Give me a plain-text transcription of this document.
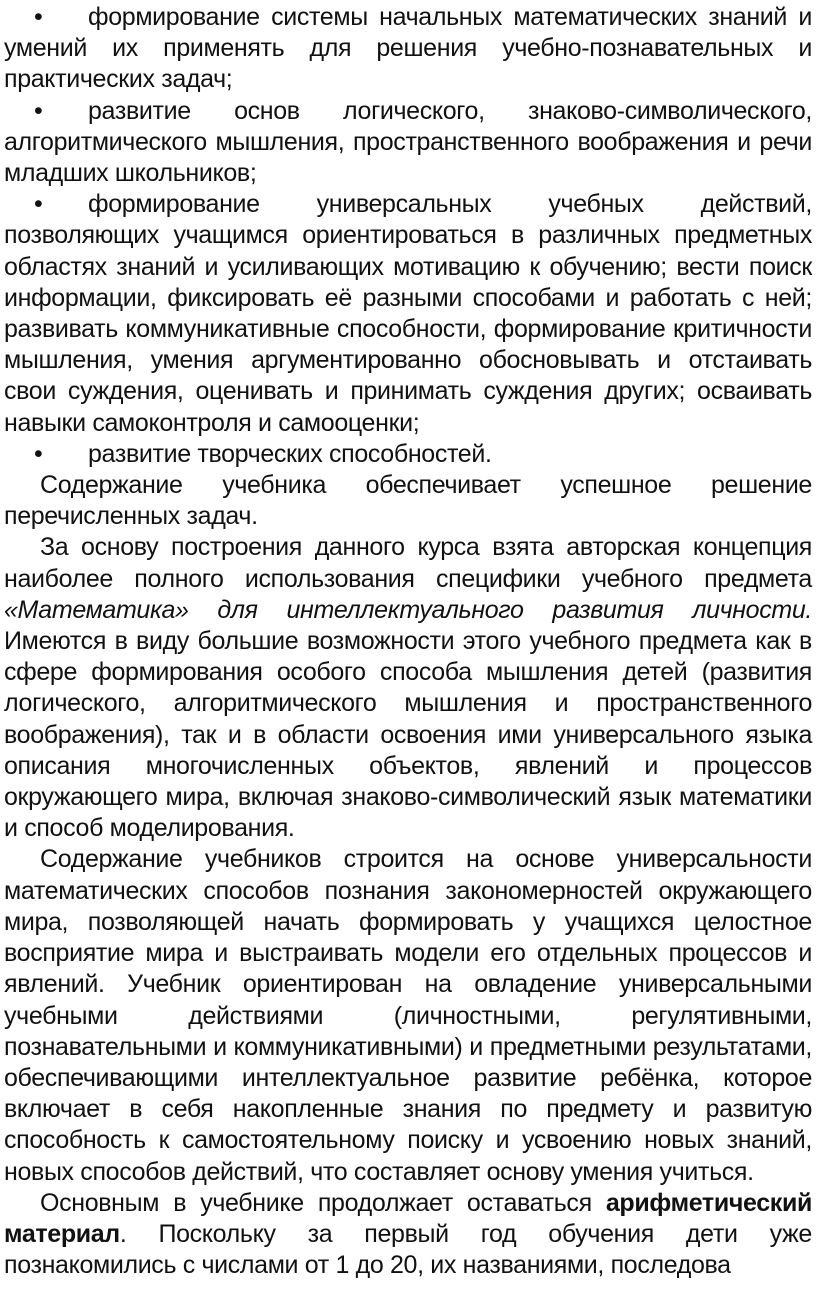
• формирование системы начальных математических знаний и умений их применять для решения учебно-познавательных и практических задач;
• развитие основ логического, знаково-символического, алгоритмического мышления, пространственного воображения и речи младших школьников;
• формирование универсальных учебных действий, позволяющих учащимся ориентироваться в различных предметных областях знаний и усиливающих мотивацию к обучению; вести поиск информации, фиксировать её разными способами и работать с ней; развивать коммуникативные способности, формирование критичности мышления, умения аргументированно обосновывать и отстаивать свои суждения, оценивать и принимать суждения других; осваивать навыки самоконтроля и самооценки;
• развитие творческих способностей.

Содержание учебника обеспечивает успешное решение перечисленных задач.

За основу построения данного курса взята авторская концепция наиболее полного использования специфики учебного предмета «Математика» для интеллектуального развития личности. Имеются в виду большие возможности этого учебного предмета как в сфере формирования особого способа мышления детей (развития логического, алгоритмического мышления и пространственного воображения), так и в области освоения ими универсального языка описания многочисленных объектов, явлений и процессов окружающего мира, включая знаково-символический язык математики и способ моделирования.

Содержание учебников строится на основе универсальности математических способов познания закономерностей окружающего мира, позволяющей начать формировать у учащихся целостное восприятие мира и выстраивать модели его отдельных процессов и явлений. Учебник ориентирован на овладение универсальными учебными действиями (личностными, регулятивными, познавательными и коммуникативными) и предметными результатами, обеспечивающими интеллектуальное развитие ребёнка, которое включает в себя накопленные знания по предмету и развитую способность к самостоятельному поиску и усвоению новых знаний, новых способов действий, что составляет основу умения учиться.

Основным в учебнике продолжает оставаться арифметический материал. Поскольку за первый год обучения дети уже познакомились с числами от 1 до 20, их названиями, последова
